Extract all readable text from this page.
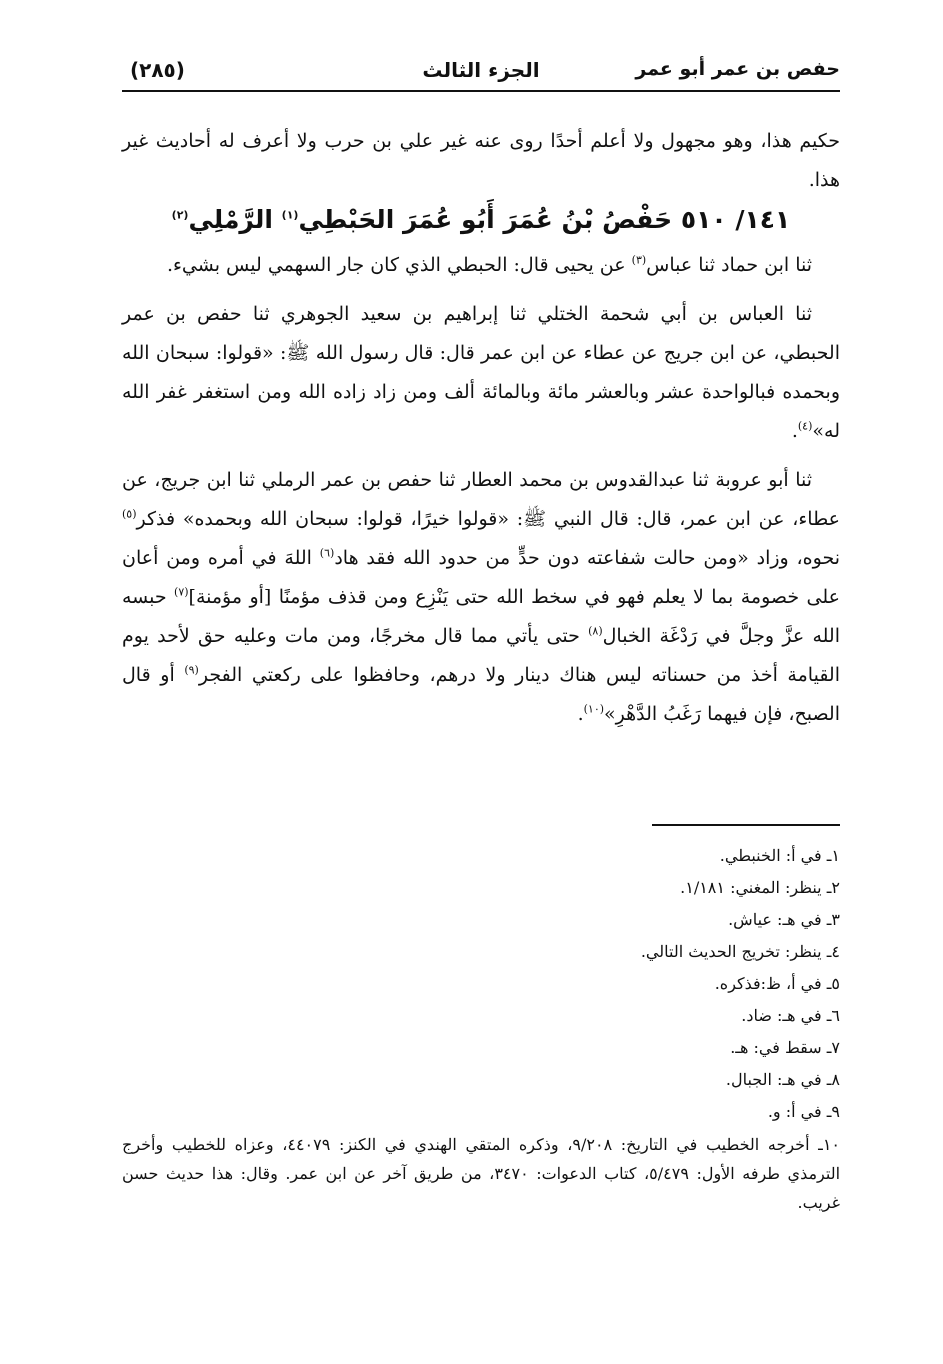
حفص بن عمر أبو عمر
الجزء الثالث
(٢٨٥)

حكيم هذا، وهو مجهول ولا أعلم أحدًا روى عنه غير علي بن حرب ولا أعرف له أحاديث غير هذا.

١٤١/ ٥١٠ حَفْصُ بْنُ عُمَرَ أَبُو عُمَرَ الحَبْطِي$^{(١)}$ الرَّمْلِي$^{(٢)}$

ثنا ابن حماد ثنا عباس$^{(٣)}$ عن يحيى قال: الحبطي الذي كان جار السهمي ليس بشيء.

ثنا العباس بن أبي شحمة الختلي ثنا إبراهيم بن سعيد الجوهري ثنا حفص بن عمر الحبطي، عن ابن جريج عن عطاء عن ابن عمر قال: قال رسول الله ﷺ: «قولوا: سبحان الله وبحمده فبالواحدة عشر وبالعشر مائة وبالمائة ألف ومن زاد زاده الله ومن استغفر غفر الله له»$^{(٤)}$.

ثنا أبو عروبة ثنا عبدالقدوس بن محمد العطار ثنا حفص بن عمر الرملي ثنا ابن جريج، عن عطاء، عن ابن عمر، قال: قال النبي ﷺ: «قولوا خيرًا، قولوا: سبحان الله وبحمده» فذكر$^{(٥)}$ نحوه، وزاد «ومن حالت شفاعته دون حدٍّ من حدود الله فقد هاد$^{(٦)}$ اللهَ في أمره ومن أعان على خصومة بما لا يعلم فهو في سخط الله حتى يَنْزِع ومن قذف مؤمنًا [أو مؤمنة]$^{(٧)}$ حبسه الله عزَّ وجلَّ في رَدْغَة الخبال$^{(٨)}$ حتى يأتي مما قال مخرجًا، ومن مات وعليه حق لأحد يوم القيامة أخذ من حسناته ليس هناك دينار ولا درهم، وحافظوا على ركعتي الفجر$^{(٩)}$ أو قال الصبح، فإن فيهما رَغَبُ الدَّهْرِ»$^{(١٠)}$.

١ـ في أ: الخنبطي.

٢ـ ينظر: المغني: ١/١٨١.

٣ـ في هـ: عياش.

٤ـ ينظر: تخريج الحديث التالي.

٥ـ في أ، ظ:فذكره.

٦ـ في هـ: ضاد.

٧ـ سقط في: هـ.

٨ـ في هـ: الجبال.

٩ـ في أ: و.

١٠ـ أخرجه الخطيب في التاريخ: ٩/٢٠٨، وذكره المتقي الهندي في الكنز: ٤٤٠٧٩، وعزاه للخطيب وأخرج الترمذي طرفه الأول: ٥/٤٧٩، كتاب الدعوات: ٣٤٧٠، من طريق آخر عن ابن عمر. وقال: هذا حديث حسن غريب.
